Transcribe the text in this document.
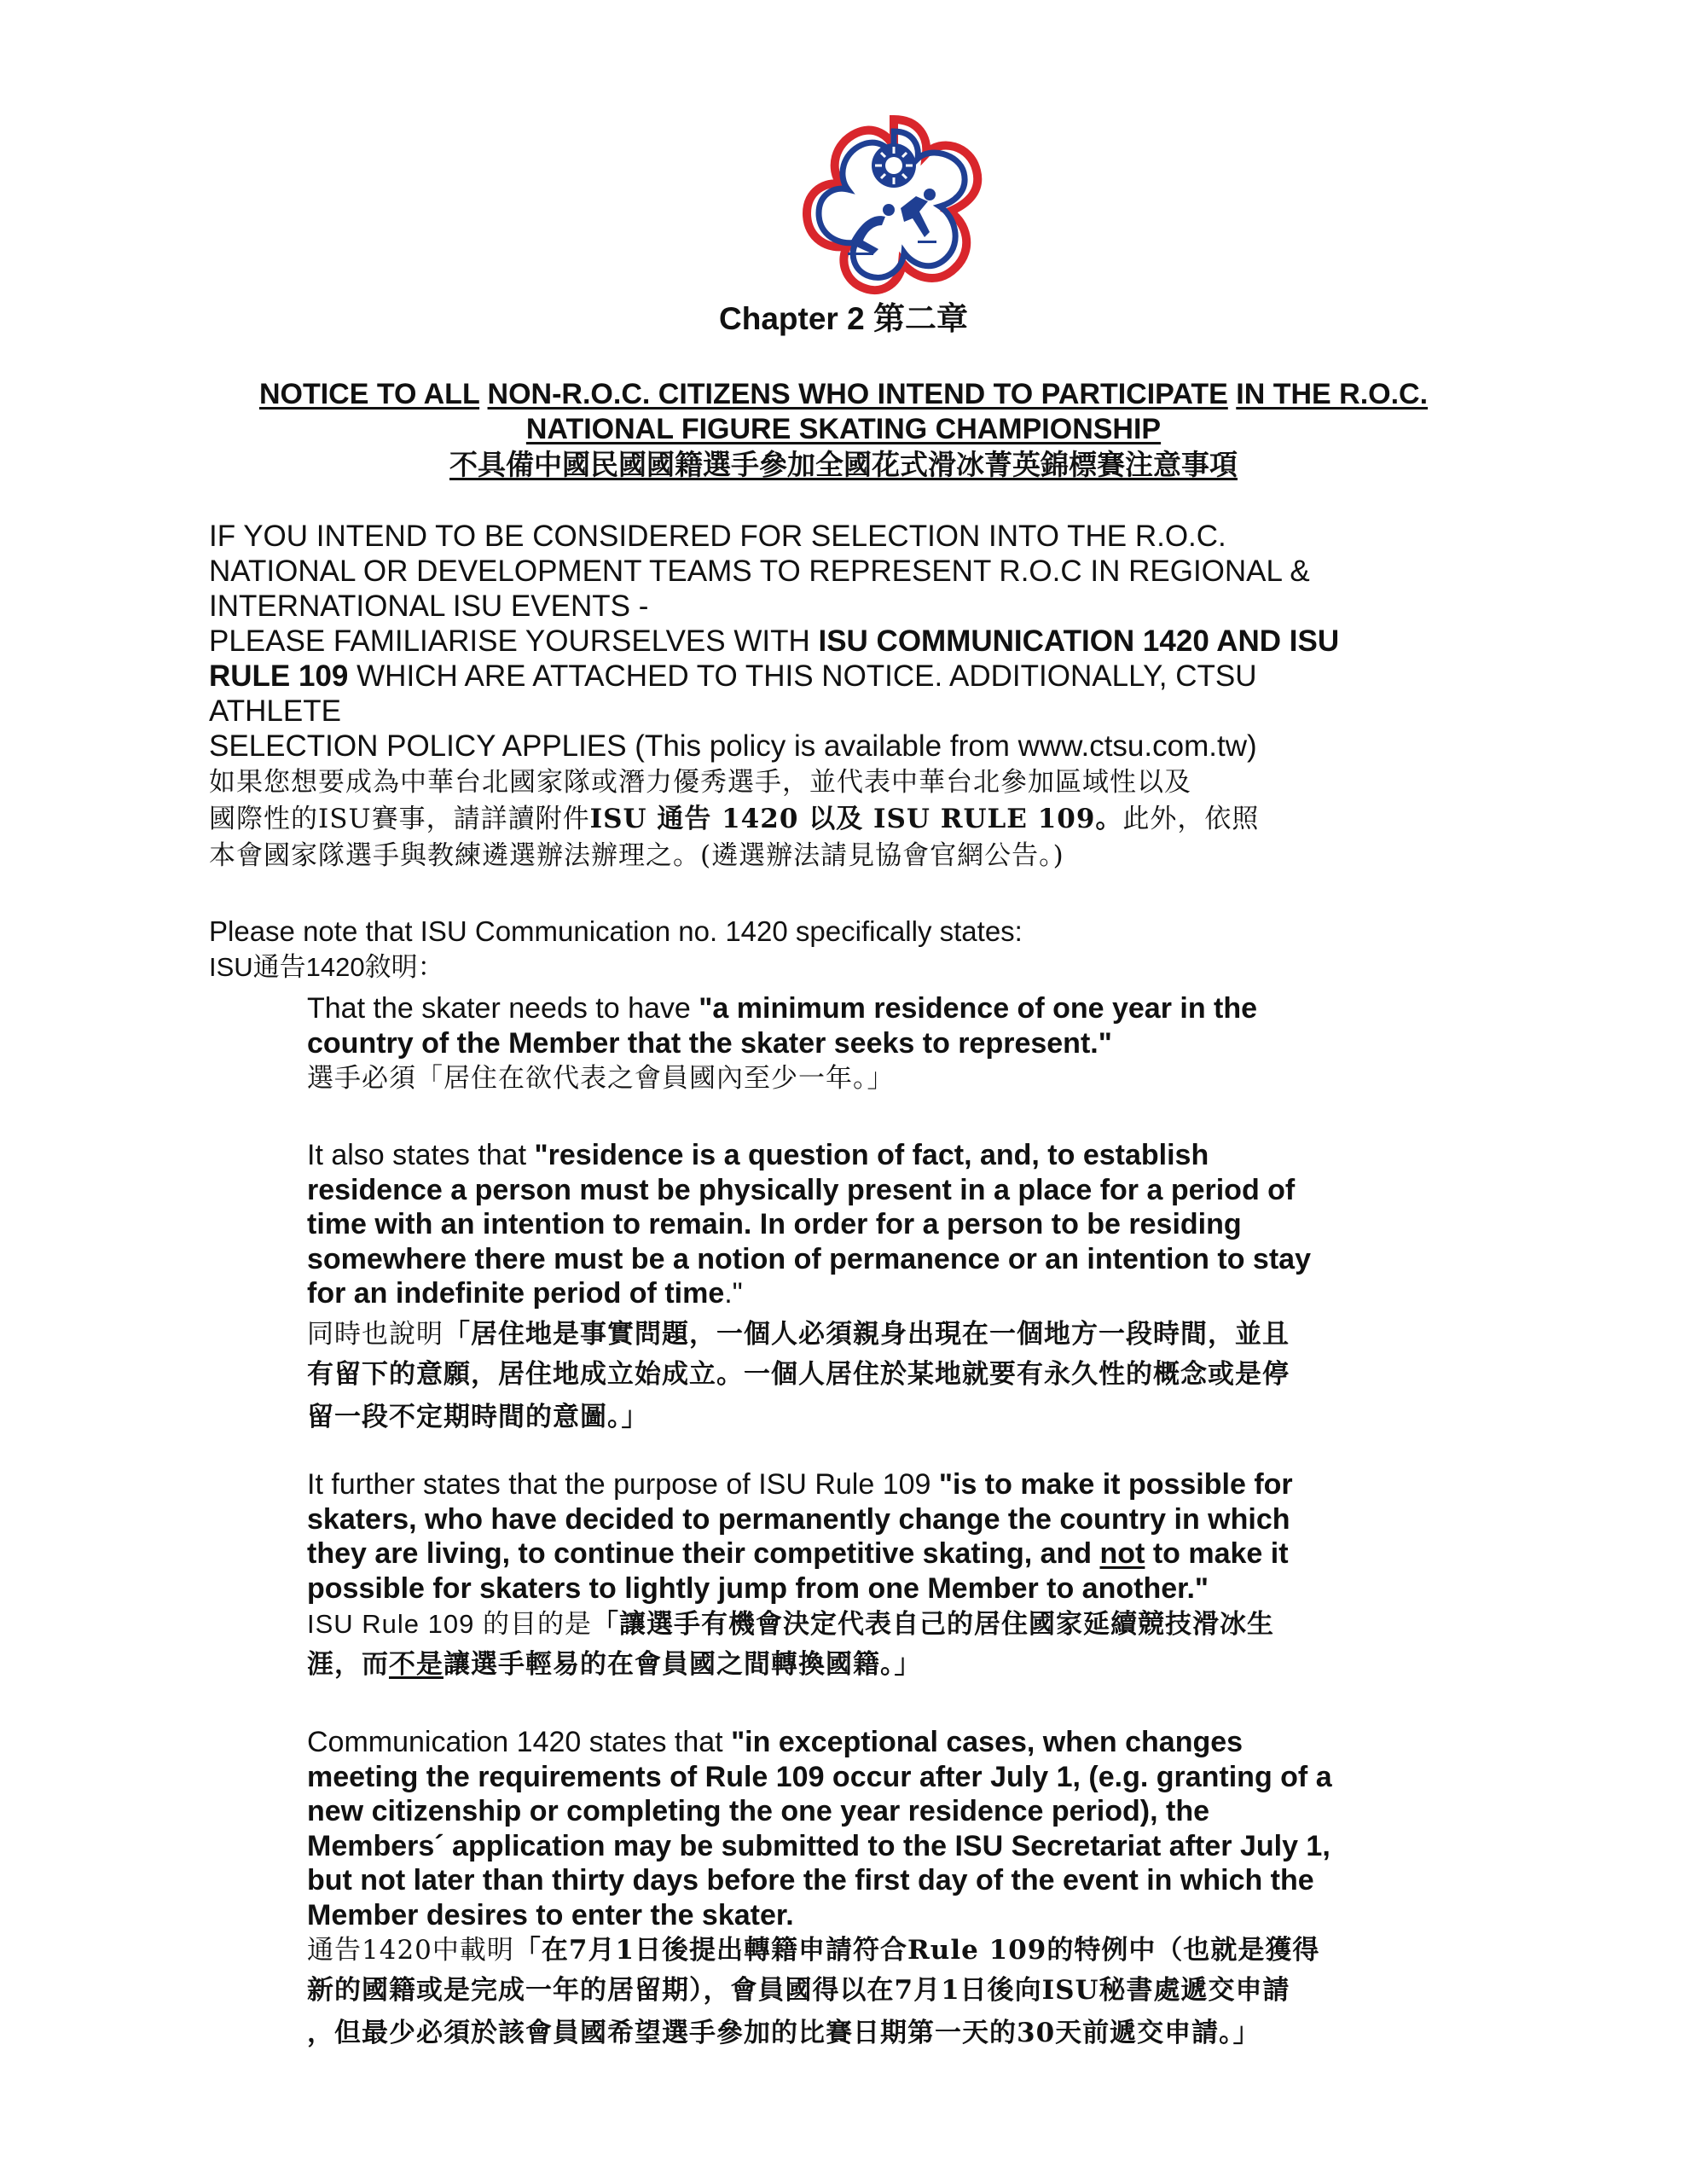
Chapter 2 第二章
NOTICE TO ALL NON-R.O.C. CITIZENS WHO INTEND TO PARTICIPATE IN THE R.O.C.
NATIONAL FIGURE SKATING CHAMPIONSHIP
不具備中國民國國籍選手參加全國花式滑冰菁英錦標賽注意事項
IF YOU INTEND TO BE CONSIDERED FOR SELECTION INTO THE R.O.C.
NATIONAL OR DEVELOPMENT TEAMS TO REPRESENT R.O.C IN REGIONAL &
INTERNATIONAL ISU EVENTS -
PLEASE FAMILIARISE YOURSELVES WITH ISU COMMUNICATION 1420 AND ISU
RULE 109 WHICH ARE ATTACHED TO THIS NOTICE. ADDITIONALLY, CTSU
ATHLETE
SELECTION POLICY APPLIES (This policy is available from www.ctsu.com.tw)
如果您想要成為中華台北國家隊或潛力優秀選手，並代表中華台北參加區域性以及
國際性的ISU賽事，請詳讀附件ISU 通告 1420 以及 ISU RULE 109。此外，依照
本會國家隊選手與教練遴選辦法辦理之。(遴選辦法請見協會官網公告。)
Please note that ISU Communication no. 1420 specifically states:
ISU通告1420敘明：
That the skater needs to have "a minimum residence of one year in the
country of the Member that the skater seeks to represent."
選手必須「居住在欲代表之會員國內至少一年。」
It also states that "residence is a question of fact, and, to establish
residence a person must be physically present in a place for a period of
time with an intention to remain. In order for a person to be residing
somewhere there must be a notion of permanence or an intention to stay
for an indefinite period of time."
同時也說明「居住地是事實問題，一個人必須親身出現在一個地方一段時間，並且
有留下的意願，居住地成立始成立。一個人居住於某地就要有永久性的概念或是停
留一段不定期時間的意圖。」
It further states that the purpose of ISU Rule 109 "is to make it possible for
skaters, who have decided to permanently change the country in which
they are living, to continue their competitive skating, and not to make it
possible for skaters to lightly jump from one Member to another."
ISU Rule 109 的目的是「讓選手有機會決定代表自己的居住國家延續競技滑冰生
涯，而不是讓選手輕易的在會員國之間轉換國籍。」
Communication 1420 states that "in exceptional cases, when changes
meeting the requirements of Rule 109 occur after July 1, (e.g. granting of a
new citizenship or completing the one year residence period), the
Members´ application may be submitted to the ISU Secretariat after July 1,
but not later than thirty days before the first day of the event in which the
Member desires to enter the skater.
通告1420中載明「在7月1日後提出轉籍申請符合Rule 109的特例中（也就是獲得
新的國籍或是完成一年的居留期），會員國得以在7月1日後向ISU秘書處遞交申請
，但最少必須於該會員國希望選手參加的比賽日期第一天的30天前遞交申請。」
